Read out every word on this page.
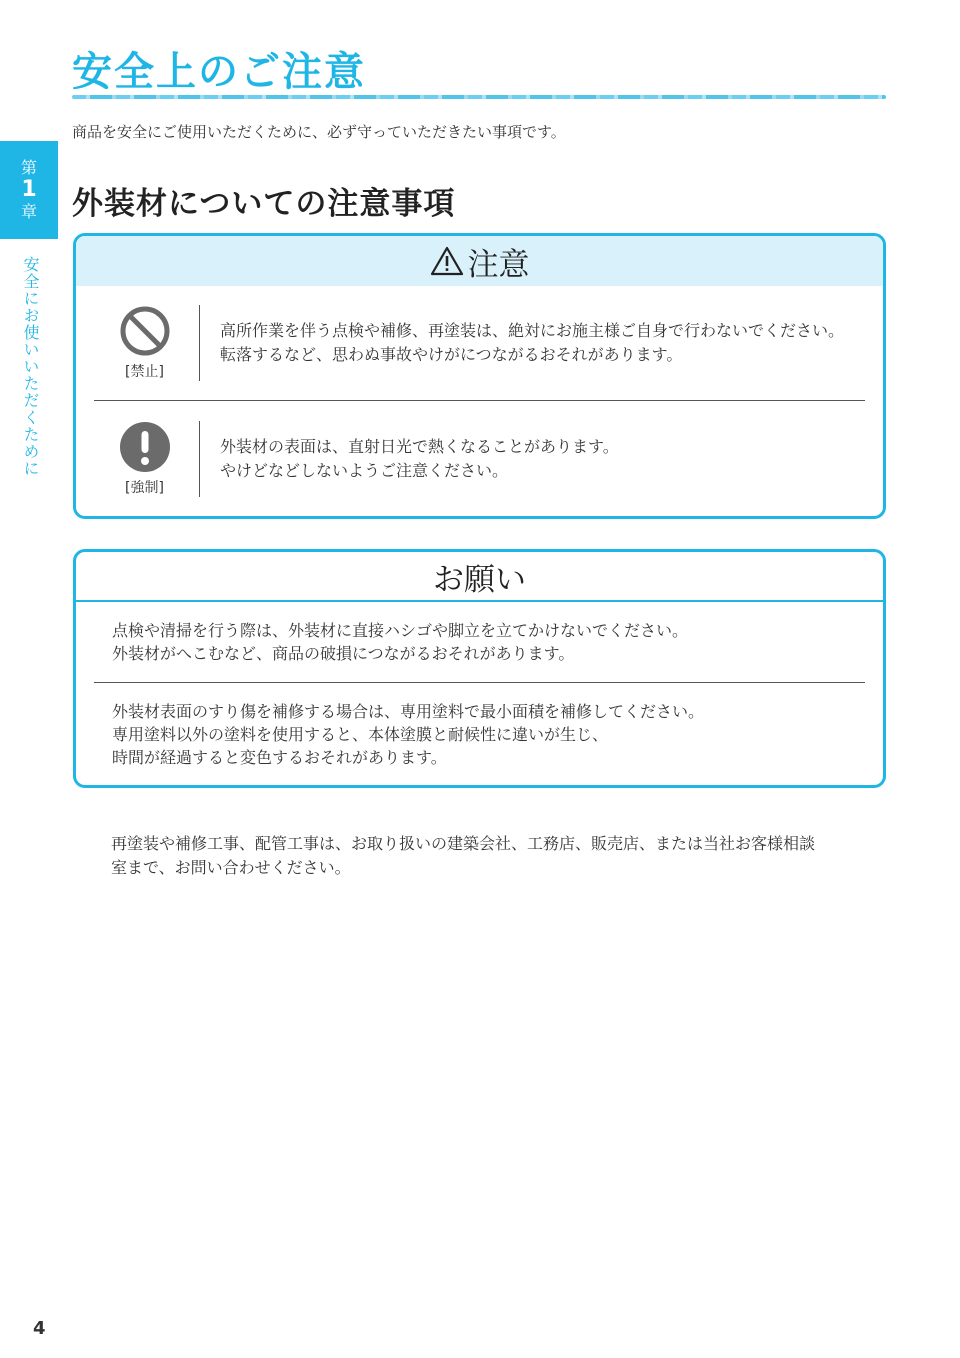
安全上のご注意

商品を安全にご使用いただくために、必ず守っていただきたい事項です。

第
1
章
安全にお使いいただくために
外装材についての注意事項
注意
[禁止]
高所作業を伴う点検や補修、再塗装は、絶対にお施主様ご自身で行わないでください。
転落するなど、思わぬ事故やけがにつながるおそれがあります。
[強制]
外装材の表面は、直射日光で熱くなることがあります。
やけどなどしないようご注意ください。
お願い
点検や清掃を行う際は、外装材に直接ハシゴや脚立を立てかけないでください。
外装材がへこむなど、商品の破損につながるおそれがあります。
外装材表面のすり傷を補修する場合は、専用塗料で最小面積を補修してください。
専用塗料以外の塗料を使用すると、本体塗膜と耐候性に違いが生じ、
時間が経過すると変色するおそれがあります。
再塗装や補修工事、配管工事は、お取り扱いの建築会社、工務店、販売店、または当社お客様相談
室まで、お問い合わせください。
4
